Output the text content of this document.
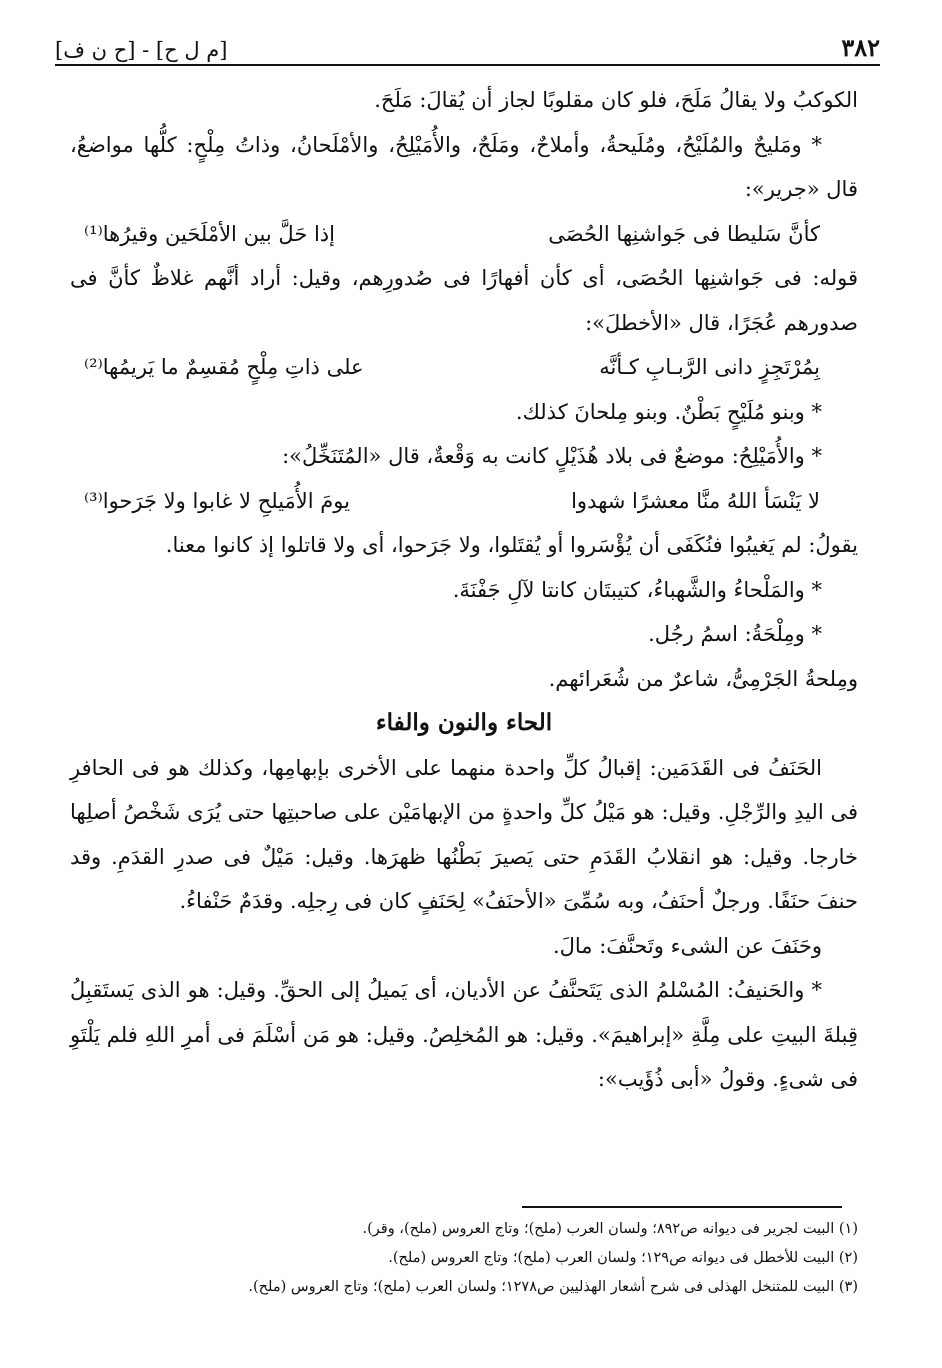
٣٨٢
[م ل ح] - [ح ن ف]

الكوكبُ ولا يقالُ مَلَحَ، فلو كان مقلوبًا لجاز أن يُقالَ: مَلَحَ.

* ومَليحٌ والمُلَيْحُ، ومُلَيحةُ، وأملاحٌ، ومَلَحٌ، والأُمَيْلِحُ، والأمْلَحانُ، وذاتُ مِلْحٍ: كلُّها مواضعُ، قال «جرير»:

كأنَّ سَليطا فى جَواشنِها الحُصَى
إذا حَلَّ بين الأمْلَحَين وقيرُها⁽¹⁾

قوله: فى جَواشنِها الحُصَى، أى كأن أفهارًا فى صُدورِهم، وقيل: أراد أنَّهم غلاظٌ كأنَّ فى صدورهم عُجَرًا، قال «الأخطلَ»:

بِمُرْتَجِزٍ دانى الرَّبـابِ كـأنَّه
على ذاتِ مِلْحٍ مُقسِمٌ ما يَريمُها⁽²⁾

* وبنو مُلَيْحٍ بَطْنٌ. وبنو مِلحانَ كذلك.

* والأُمَيْلِحُ: موضعٌ فى بلاد هُذَيْلٍ كانت به وَقْعةٌ، قال «المُتَنَخِّلُ»:

لا يَنْسَأ اللهُ منَّا معشرًا شهدوا
يومَ الأُمَيلحِ لا غابوا ولا جَرَحوا⁽³⁾

يقولُ: لم يَغيبُوا فنُكَفَى أن يُؤْسَروا أو يُقتَلوا، ولا جَرَحوا، أى ولا قاتلوا إذ كانوا معنا.

* والمَلْحاءُ والشَّهباءُ، كتيبتَان كانتا لآلِ جَفْنَةَ.

* ومِلْحَةُ: اسمُ رجُل.

ومِلحةُ الجَرْمِىُّ، شاعرٌ من شُعَرائهم.

الحاء والنون والفاء

الحَنَفُ فى القَدَمَين: إقبالُ كلِّ واحدة منهما على الأخرى بإبهامِها، وكذلك هو فى الحافرِ فى اليدِ والرِّجْلِ. وقيل: هو مَيْلُ كلِّ واحدةٍ من الإبهامَيْن على صاحبتِها حتى يُرَى شَخْصُ أصلِها خارجا. وقيل: هو انقلابُ القَدَمِ حتى يَصيرَ بَطْنُها ظهرَها. وقيل: مَيْلٌ فى صدرِ القدَمِ. وقد حنفَ حنَفًا. ورجلٌ أحنَفُ، وبه سُمِّىَ «الأحنَفُ» لِحَنَفٍ كان فى رِجلِه. وقدَمٌ حَنْفاءُ.

وحَنَفَ عن الشىء وتَحنَّفَ: مالَ.

* والحَنيفُ: المُسْلمُ الذى يَتَحنَّفُ عن الأديان، أى يَميلُ إلى الحقِّ. وقيل: هو الذى يَستَقبِلُ قِبلةَ البيتِ على مِلَّةِ «إبراهيمَ». وقيل: هو المُخلِصُ. وقيل: هو مَن أسْلَمَ فى أمرِ اللهِ فلم يَلْتَوِ فى شىءٍ. وقولُ «أبى ذُؤَيب»:

(١) البيت لجرير فى ديوانه ص٨٩٢؛ ولسان العرب (ملح)؛ وتاج العروس (ملح)، وقر).

(٢) البيت للأخطل فى ديوانه ص١٢٩؛ ولسان العرب (ملح)؛ وتاج العروس (ملح).

(٣) البيت للمتنخل الهذلى فى شرح أشعار الهذليين ص١٢٧٨؛ ولسان العرب (ملح)؛ وتاج العروس (ملح).
